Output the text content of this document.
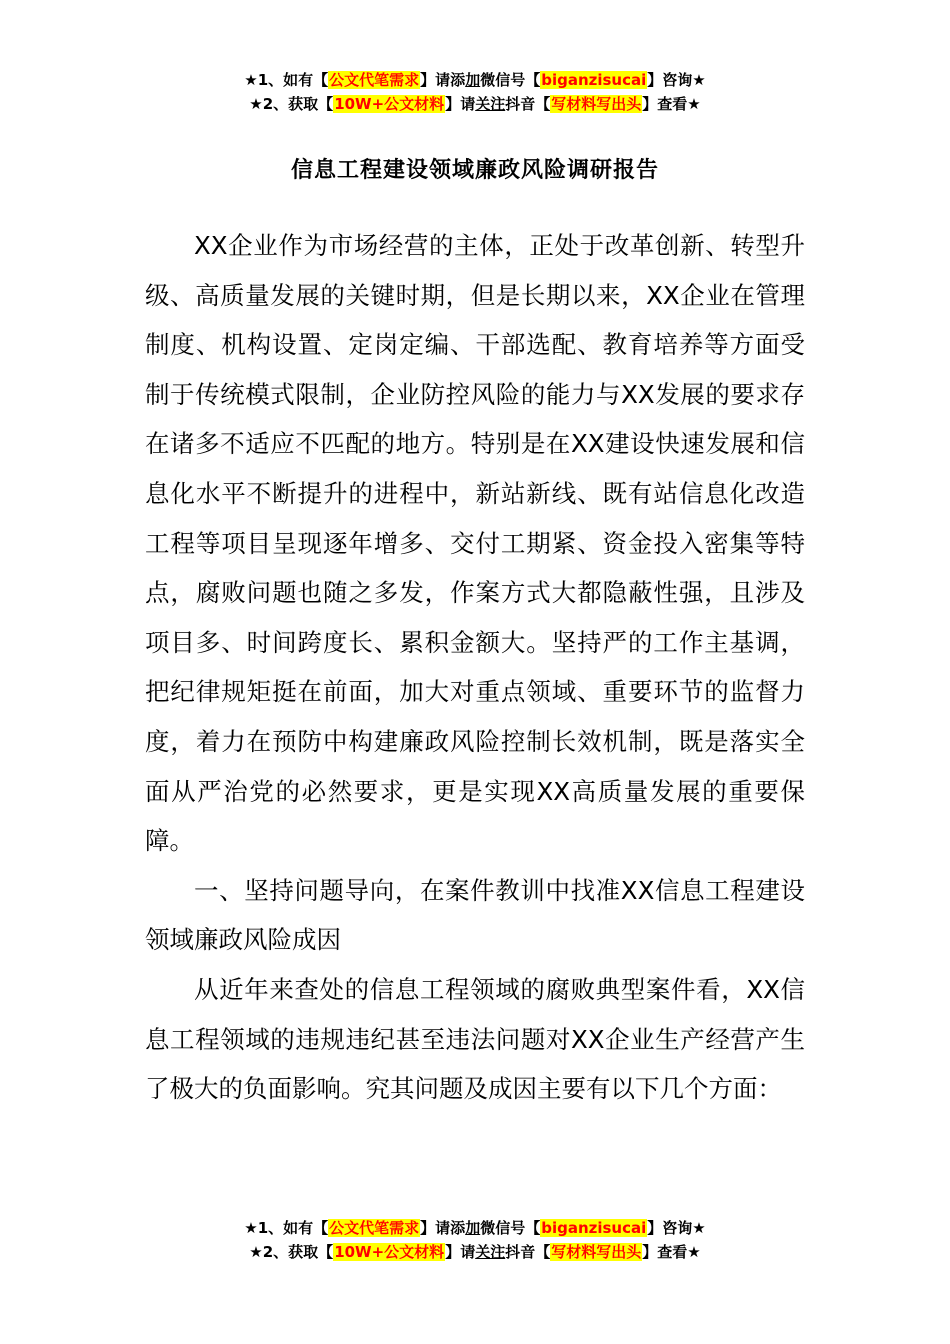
★1、如有【公文代笔需求】请添加微信号【biganzisucai】咨询★
★2、获取【10W+公文材料】请关注抖音【写材料写出头】查看★
信息工程建设领域廉政风险调研报告

XX企业作为市场经营的主体，正处于改革创新、转型升级、高质量发展的关键时期，但是长期以来，XX企业在管理制度、机构设置、定岗定编、干部选配、教育培养等方面受制于传统模式限制，企业防控风险的能力与XX发展的要求存在诸多不适应不匹配的地方。特别是在XX建设快速发展和信息化水平不断提升的进程中，新站新线、既有站信息化改造工程等项目呈现逐年增多、交付工期紧、资金投入密集等特点，腐败问题也随之多发，作案方式大都隐蔽性强，且涉及项目多、时间跨度长、累积金额大。坚持严的工作主基调，把纪律规矩挺在前面，加大对重点领域、重要环节的监督力度，着力在预防中构建廉政风险控制长效机制，既是落实全面从严治党的必然要求，更是实现XX高质量发展的重要保障。

一、坚持问题导向，在案件教训中找准XX信息工程建设领域廉政风险成因

从近年来查处的信息工程领域的腐败典型案件看，XX信息工程领域的违规违纪甚至违法问题对XX企业生产经营产生了极大的负面影响。究其问题及成因主要有以下几个方面：

★1、如有【公文代笔需求】请添加微信号【biganzisucai】咨询★
★2、获取【10W+公文材料】请关注抖音【写材料写出头】查看★
